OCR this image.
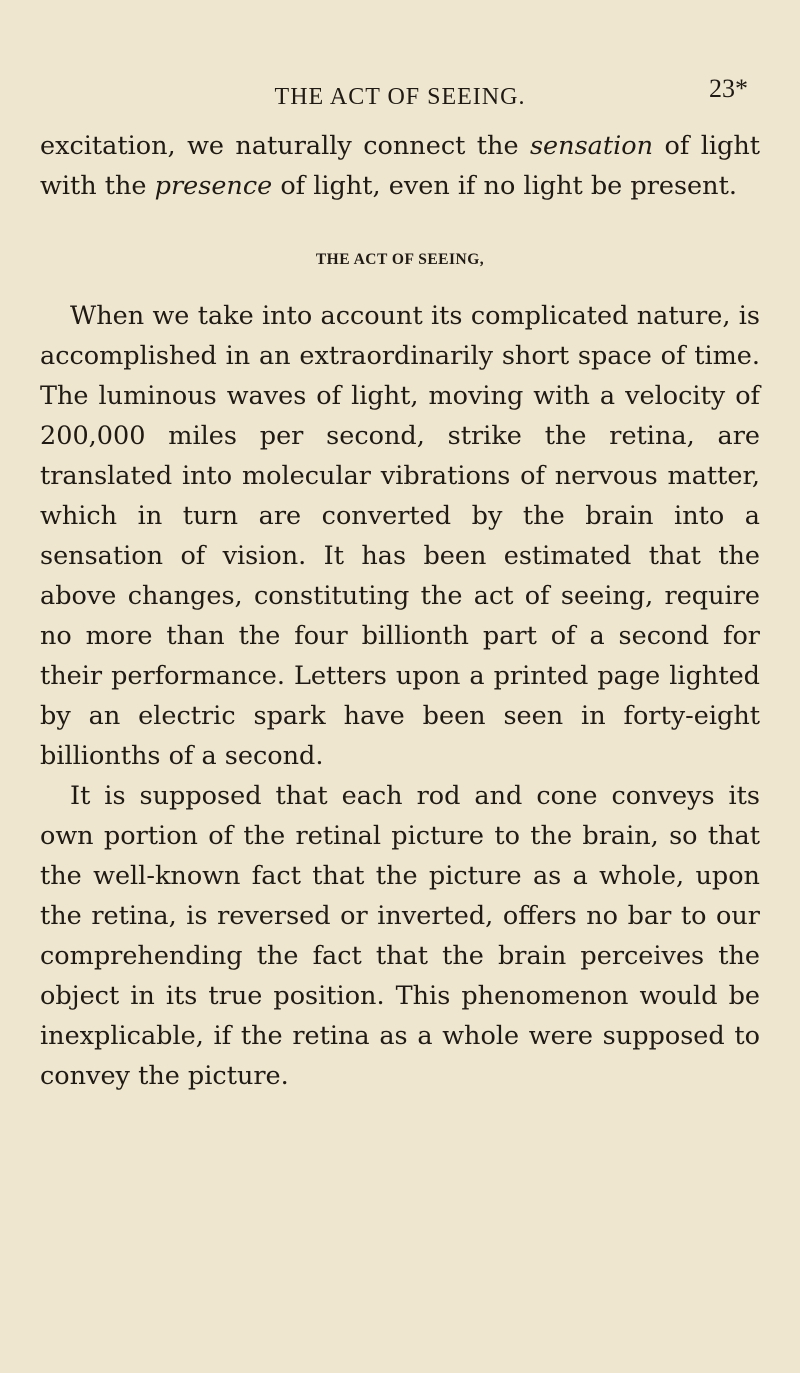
THE ACT OF SEEING.	23*

excitation, we naturally connect the sensation of light with the presence of light, even if no light be present.

THE ACT OF SEEING,

When we take into account its complicated nature, is accomplished in an extraordinarily short space of time. The luminous waves of light, moving with a velocity of 200,000 miles per second, strike the retina, are translated into molecular vibrations of nervous matter, which in turn are converted by the brain into a sensation of vision. It has been estimated that the above changes, constituting the act of seeing, require no more than the four billionth part of a second for their performance. Letters upon a printed page lighted by an electric spark have been seen in forty-eight billionths of a second.

It is supposed that each rod and cone conveys its own portion of the retinal picture to the brain, so that the well-known fact that the picture as a whole, upon the retina, is reversed or inverted, offers no bar to our comprehending the fact that the brain perceives the object in its true position. This phenomenon would be inexplicable, if the retina as a whole were supposed to convey the picture.
